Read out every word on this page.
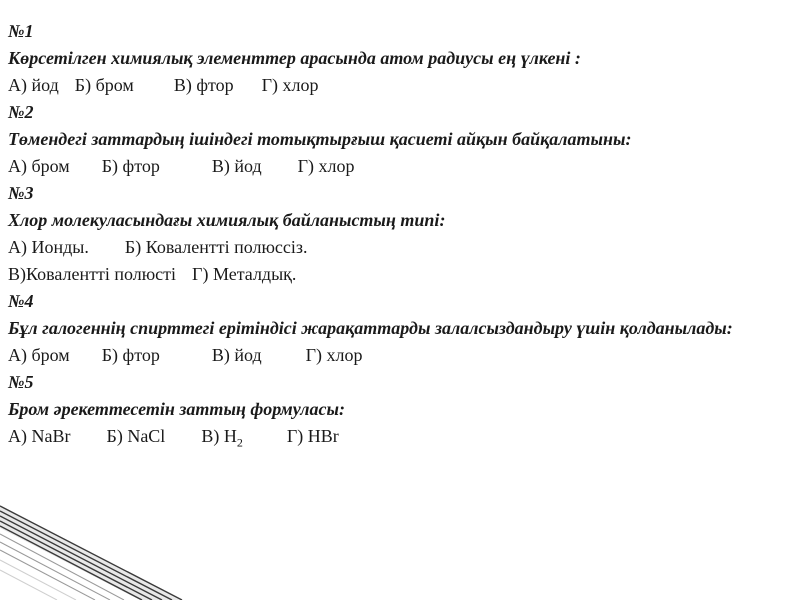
№1
Көрсетілген химиялық элементтер арасында атом радиусы ең үлкені :
А) йод Б) бром В) фтор Г) хлор
№2
Төмендегі заттардың ішіндегі тотықтырғыш қасиеті айқын байқалатыны:
А) бром Б) фтор	В) йод Г) хлор
№3
Хлор молекуласындағы химиялық байланыстың типі:
А) Ионды. Б) Ковалентті полюссіз.
В)Ковалентті полюсті Г) Металдық.
№4
Бұл галогеннің спирттегі ерітіндісі жарақаттарды залалсыздандыру үшін қолданылады:
А) бром Б) фтор	В) йод Г) хлор
№5
Бром әрекеттесетін заттың формуласы:
А) NaBr Б) NaCl В) $H_2$ Г) HBr
